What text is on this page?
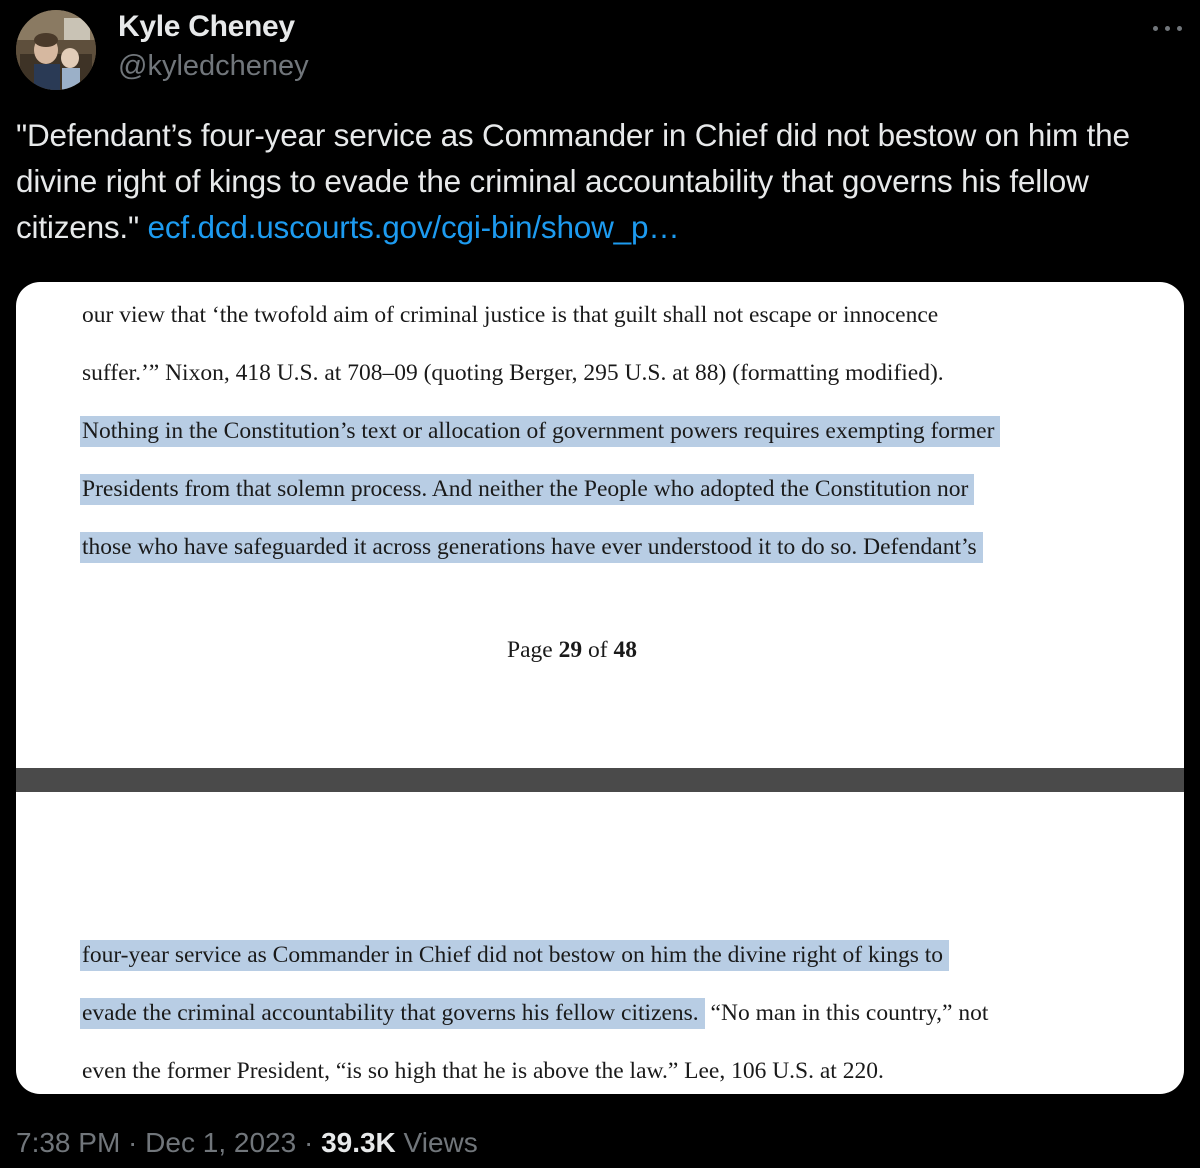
Kyle Cheney
@kyledcheney
"Defendant’s four-year service as Commander in Chief did not bestow on him the divine right of kings to evade the criminal accountability that governs his fellow citizens." ecf.dcd.uscourts.gov/cgi-bin/show_p…
our view that ‘the twofold aim of criminal justice is that guilt shall not escape or innocence
suffer.’” Nixon, 418 U.S. at 708–09 (quoting Berger, 295 U.S. at 88) (formatting modified).
Nothing in the Constitution’s text or allocation of government powers requires exempting former
Presidents from that solemn process. And neither the People who adopted the Constitution nor
those who have safeguarded it across generations have ever understood it to do so. Defendant’s
Page 29 of 48
four-year service as Commander in Chief did not bestow on him the divine right of kings to
evade the criminal accountability that governs his fellow citizens. “No man in this country,” not
even the former President, “is so high that he is above the law.” Lee, 106 U.S. at 220.
7:38 PM · Dec 1, 2023 · 39.3K Views
